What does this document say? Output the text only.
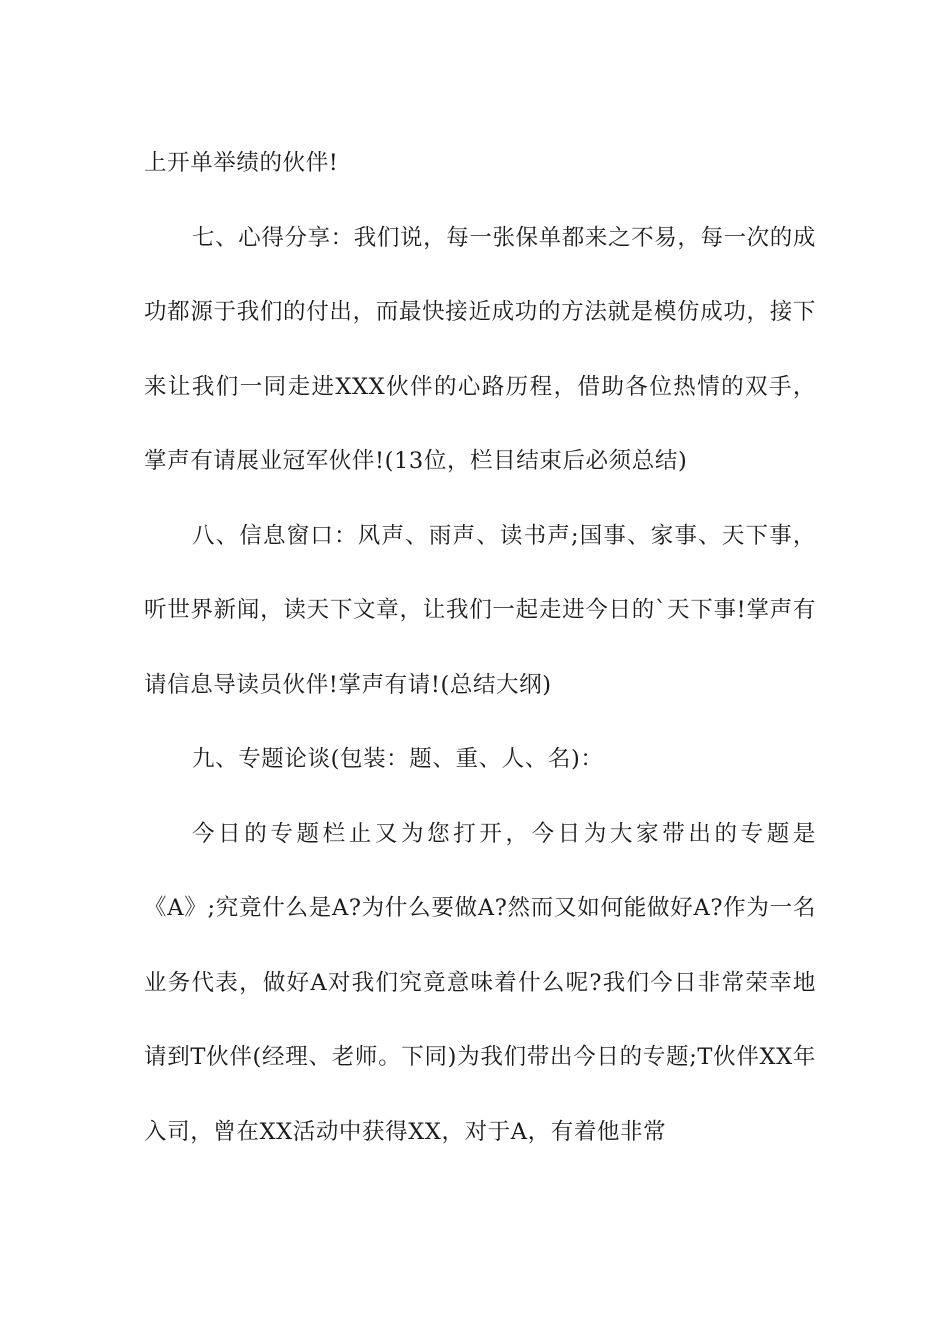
上开单举绩的伙伴!

七、心得分享：我们说，每一张保单都来之不易，每一次的成功都源于我们的付出，而最快接近成功的方法就是模仿成功，接下来让我们一同走进XXX伙伴的心路历程，借助各位热情的双手，掌声有请展业冠军伙伴!(13位，栏目结束后必须总结)

八、信息窗口：风声、雨声、读书声;国事、家事、天下事，听世界新闻，读天下文章，让我们一起走进今日的`天下事!掌声有请信息导读员伙伴!掌声有请!(总结大纲)

九、专题论谈(包装：题、重、人、名)：

今日的专题栏止又为您打开，今日为大家带出的专题是《A》;究竟什么是A?为什么要做A?然而又如何能做好A?作为一名业务代表，做好A对我们究竟意味着什么呢?我们今日非常荣幸地请到T伙伴(经理、老师。下同)为我们带出今日的专题;T伙伴XX年入司，曾在XX活动中获得XX，对于A，有着他非常
